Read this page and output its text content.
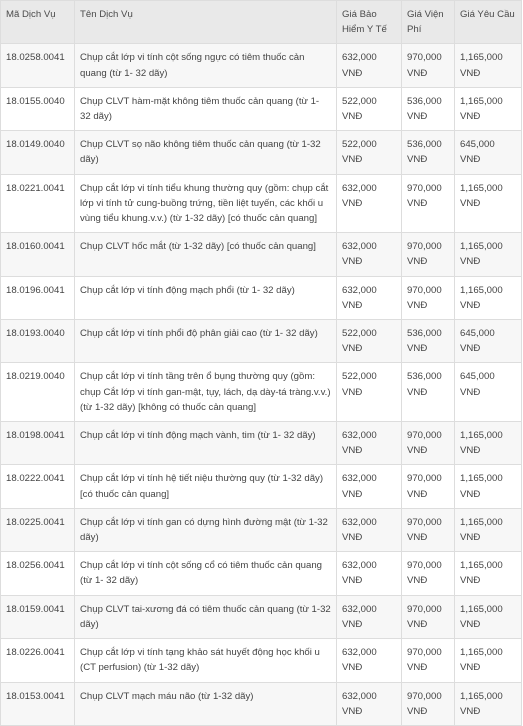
Mã Dịch Vụ	Tên Dịch Vụ	Giá Bảo Hiểm Y Tế	Giá Viện Phí	Giá Yêu Cầu
18.0258.0041	Chụp cắt lớp vi tính cột sống ngực có tiêm thuốc cản quang (từ 1- 32 dãy)	632,000 VNĐ	970,000 VNĐ	1,165,000 VNĐ
18.0155.0040	Chụp CLVT hàm-mặt không tiêm thuốc cản quang (từ 1- 32 dãy)	522,000 VNĐ	536,000 VNĐ	1,165,000 VNĐ
18.0149.0040	Chụp CLVT sọ não không tiêm thuốc cản quang (từ 1-32 dãy)	522,000 VNĐ	536,000 VNĐ	645,000 VNĐ
18.0221.0041	Chụp cắt lớp vi tính tiểu khung thường quy (gồm: chụp cắt lớp vi tính tử cung-buồng trứng, tiền liệt tuyến, các khối u vùng tiểu khung.v.v.) (từ 1-32 dãy) [có thuốc cản quang]	632,000 VNĐ	970,000 VNĐ	1,165,000 VNĐ
18.0160.0041	Chụp CLVT hốc mắt (từ 1-32 dãy) [có thuốc cản quang]	632,000 VNĐ	970,000 VNĐ	1,165,000 VNĐ
18.0196.0041	Chụp cắt lớp vi tính động mạch phổi (từ 1- 32 dãy)	632,000 VNĐ	970,000 VNĐ	1,165,000 VNĐ
18.0193.0040	Chụp cắt lớp vi tính phổi độ phân giải cao (từ 1- 32 dãy)	522,000 VNĐ	536,000 VNĐ	645,000 VNĐ
18.0219.0040	Chụp cắt lớp vi tính tầng trên ổ bụng thường quy (gồm: chụp Cắt lớp vi tính gan-mật, tụy, lách, dạ dày-tá tràng.v.v.) (từ 1-32 dãy) [không có thuốc cản quang]	522,000 VNĐ	536,000 VNĐ	645,000 VNĐ
18.0198.0041	Chụp cắt lớp vi tính động mạch vành, tim (từ 1- 32 dãy)	632,000 VNĐ	970,000 VNĐ	1,165,000 VNĐ
18.0222.0041	Chụp cắt lớp vi tính hệ tiết niệu thường quy (từ 1-32 dãy) [có thuốc cản quang]	632,000 VNĐ	970,000 VNĐ	1,165,000 VNĐ
18.0225.0041	Chụp cắt lớp vi tính gan có dựng hình đường mật (từ 1-32 dãy)	632,000 VNĐ	970,000 VNĐ	1,165,000 VNĐ
18.0256.0041	Chụp cắt lớp vi tính cột sống cổ có tiêm thuốc cản quang (từ 1- 32 dãy)	632,000 VNĐ	970,000 VNĐ	1,165,000 VNĐ
18.0159.0041	Chụp CLVT tai-xương đá có tiêm thuốc cản quang (từ 1-32 dãy)	632,000 VNĐ	970,000 VNĐ	1,165,000 VNĐ
18.0226.0041	Chụp cắt lớp vi tính tạng khảo sát huyết động học khối u (CT perfusion) (từ 1-32 dãy)	632,000 VNĐ	970,000 VNĐ	1,165,000 VNĐ
18.0153.0041	Chụp CLVT mạch máu não (từ 1-32 dãy)	632,000 VNĐ	970,000 VNĐ	1,165,000 VNĐ
